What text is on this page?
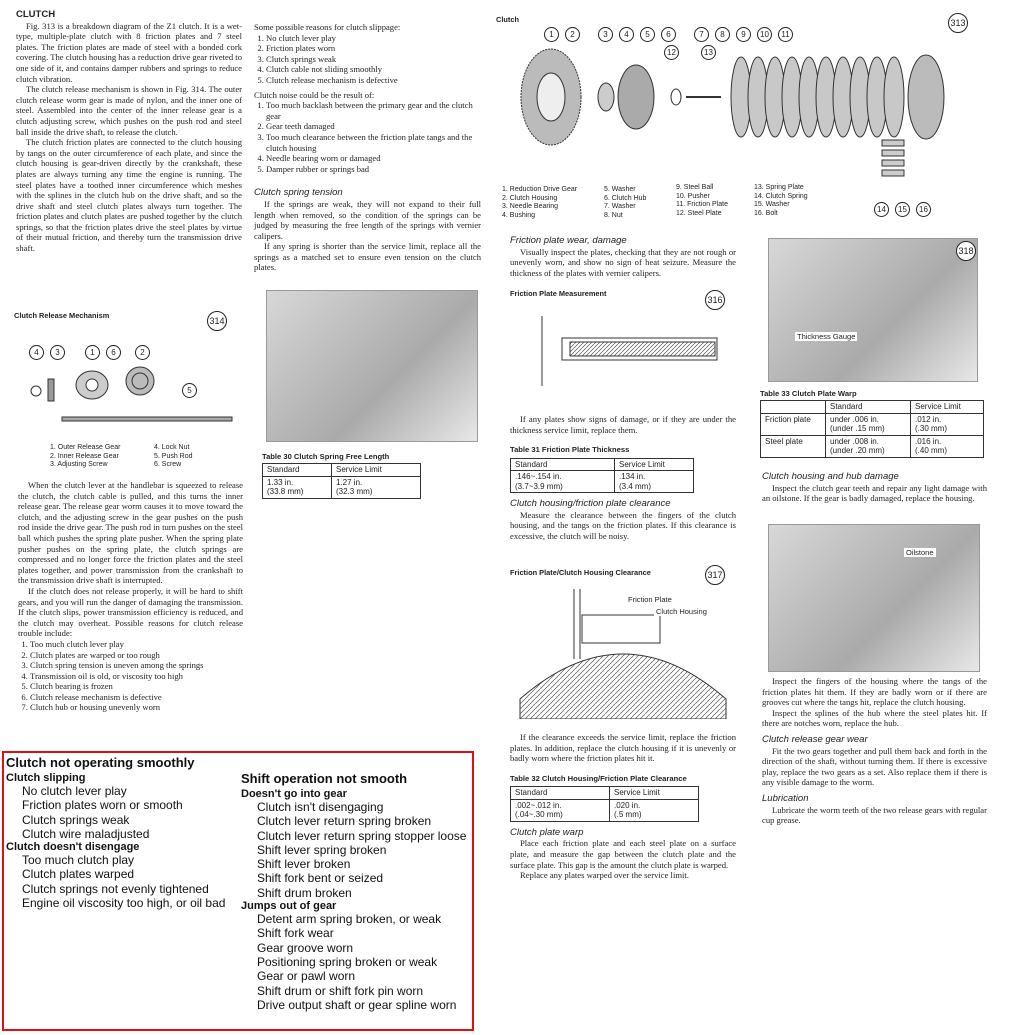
CLUTCH

Fig. 313 is a breakdown diagram of the Z1 clutch. It is a wet-type, multiple-plate clutch with 8 friction plates and 7 steel plates. The friction plates are made of steel with a bonded cork covering. The clutch housing has a reduction drive gear riveted to one side of it, and contains damper rubbers and springs to reduce clutch vibration.

The clutch release mechanism is shown in Fig. 314. The outer clutch release worm gear is made of nylon, and the inner one of steel. Assembled into the center of the inner release gear is a clutch adjusting screw, which pushes on the push rod and steel ball inside the drive shaft, to release the clutch.

The clutch friction plates are connected to the clutch housing by tangs on the outer circumference of each plate, and since the clutch housing is gear-driven directly by the crankshaft, these plates are always turning any time the engine is running. The steel plates have a toothed inner circumference which meshes with the splines in the clutch hub on the drive shaft, and so the drive shaft and steel clutch plates always turn together. The friction plates and clutch plates are pushed together by the clutch springs, so that the friction plates drive the steel plates by virtue of their mutual friction, and thereby turn the transmission drive shaft.

Clutch Release Mechanism
314
4 3	1 6	2
5
1. Outer Release Gear
2. Inner Release Gear
3. Adjusting Screw
4. Lock Nut
5. Push Rod
6. Screw

When the clutch lever at the handlebar is squeezed to release the clutch, the clutch cable is pulled, and this turns the inner release gear. The release gear worm causes it to move toward the clutch, and the adjusting screw in the gear pushes on the push rod inside the drive gear. The push rod in turn pushes on the steel ball which pushes the spring plate pusher. When the spring plate pusher pushes on the spring plate, the clutch springs are compressed and no longer force the friction plates and the steel plates together, and power transmission from the crankshaft to the transmission drive shaft is interrupted.

If the clutch does not release properly, it will be hard to shift gears, and you will run the danger of damaging the transmission. If the clutch slips, power transmission efficiency is reduced, and the clutch may overheat. Possible reasons for clutch release trouble include:

1. Too much clutch lever play
2. Clutch plates are warped or too rough
3. Clutch spring tension is uneven among the springs
4. Transmission oil is old, or viscosity too high
5. Clutch bearing is frozen
6. Clutch release mechanism is defective
7. Clutch hub or housing unevenly worn
Some possible reasons for clutch slippage:
1. No clutch lever play
2. Friction plates worn
3. Clutch springs weak
4. Clutch cable not sliding smoothly
5. Clutch release mechanism is defective
Clutch noise could be the result of:
1. Too much backlash between the primary gear and the clutch gear
2. Gear teeth damaged
3. Too much clearance between the friction plate tangs and the clutch housing
4. Needle bearing worn or damaged
5. Damper rubber or springs bad
Clutch spring tension

If the springs are weak, they will not expand to their full length when removed, so the condition of the springs can be judged by measuring the free length of the springs with vernier calipers.

If any spring is shorter than the service limit, replace all the springs as a matched set to ensure even tension on the clutch plates.

Table 30 Clutch Spring Free Length
Standard	Service Limit
1.33 in.
(33.8 mm)	1.27 in.
(32.3 mm)
Clutch	313
1 2	3 4 5 6	7 8 9 10 11 12	13
14 15 16
1. Reduction Drive Gear
2. Clutch Housing
3. Needle Bearing
4. Bushing
5. Washer
6. Clutch Hub
7. Washer
8. Nut
9. Steel Ball
10. Pusher
11. Friction Plate
12. Steel Plate
13. Spring Plate
14. Clutch Spring
15. Washer
16. Bolt
Friction plate wear, damage

Visually inspect the plates, checking that they are not rough or unevenly worn, and show no sign of heat seizure. Measure the thickness of the plates with vernier calipers.

Friction Plate Measurement
316

If any plates show signs of damage, or if they are under the thickness service limit, replace them.

Table 31 Friction Plate Thickness
Standard	Service Limit
.146~.154 in.
(3.7~3.9 mm)	.134 in.
(3.4 mm)
Clutch housing/friction plate clearance

Measure the clearance between the fingers of the clutch housing, and the tangs on the friction plates. If this clearance is excessive, the clutch will be noisy.

Friction Plate/Clutch Housing Clearance	317
Friction Plate
Clutch Housing

If the clearance exceeds the service limit, replace the friction plates. In addition, replace the clutch housing if it is unevenly or badly worn where the friction plates hit it.

Table 32 Clutch Housing/Friction Plate Clearance
Standard	Service Limit
.002~.012 in.
(.04~.30 mm)	.020 in.
(.5 mm)
Clutch plate warp

Place each friction plate and each steel plate on a surface plate, and measure the gap between the clutch plate and the surface plate. This gap is the amount the clutch plate is warped.

Replace any plates warped over the service limit.

318
Thickness Gauge
Table 33 Clutch Plate Warp
	Standard	Service Limit
Friction plate	under .006 in.
(under .15 mm)	.012 in.
(.30 mm)
Steel plate	under .008 in.
(under .20 mm)	.016 in.
(.40 mm)
Clutch housing and hub damage

Inspect the clutch gear teeth and repair any light damage with an oilstone. If the gear is badly damaged, replace the housing.

Oilstone

Inspect the fingers of the housing where the tangs of the friction plates hit them. If they are badly worn or if there are grooves cut where the tangs hit, replace the clutch housing.

Inspect the splines of the hub where the steel plates hit. If there are notches worn, replace the hub.

Clutch release gear wear

Fit the two gears together and pull them back and forth in the direction of the shaft, without turning them. If there is excessive play, replace the two gears as a set. Also replace them if there is any visible damage to the worm.

Lubrication

Lubricate the worm teeth of the two release gears with regular cup grease.

Clutch not operating smoothly
Clutch slipping
No clutch lever play
Friction plates worn or smooth
Clutch springs weak
Clutch wire maladjusted
Clutch doesn't disengage
Too much clutch play
Clutch plates warped
Clutch springs not evenly tightened
Engine oil viscosity too high, or oil bad
Shift operation not smooth
Doesn't go into gear
Clutch isn't disengaging
Clutch lever return spring broken
Clutch lever return spring stopper loose
Shift lever spring broken
Shift lever broken
Shift fork bent or seized
Shift drum broken
Jumps out of gear
Detent arm spring broken, or weak
Shift fork wear
Gear groove worn
Positioning spring broken or weak
Gear or pawl worn
Shift drum or shift fork pin worn
Drive output shaft or gear spline worn
